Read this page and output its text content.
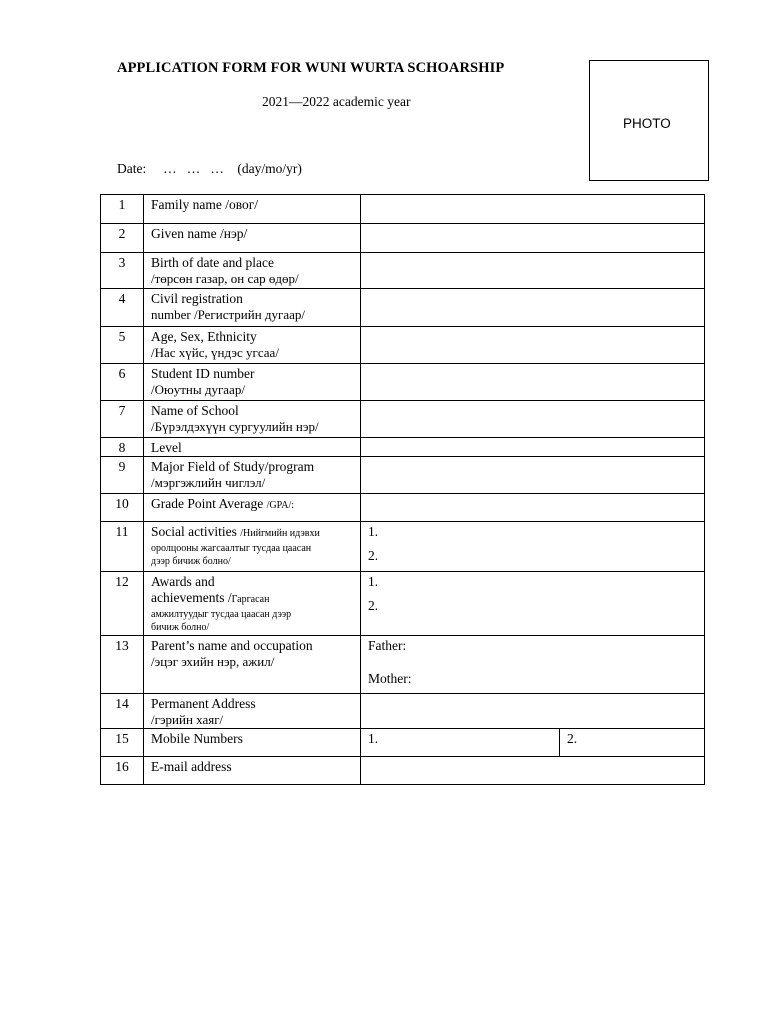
APPLICATION FORM FOR WUNI WURTA SCHOARSHIP
2021—2022 academic year
Date: …   …   … (day/mo/yr)
PHOTO
1	Family name /овог/		
2	Given name /нэр/		
3	Birth of date and place
/төрсөн газар, он сар өдөр/		

4	Civil registration
number /Регистрийн дугаар/		

5	Age, Sex, Ethnicity
/Нас хүйс, үндэс угсаа/		

6	Student ID number
/Оюутны дугаар/		

7	Name of School
/Бүрэлдэхүүн сургуулийн нэр/		

8	Level		
9	Major Field of Study/program
/мэргэжлийн чиглэл/		

10	Grade Point Average /GPA/:		
11	Social activities /Нийгмийн идэвхи
оролцооны жагсаалтыг тусдаа цаасан
дээр бичиж болно/	1.
2.	

12	Awards and
achievements /Гаргасан
амжилтуудыг тусдаа цаасан дээр
бичиж болно/	1.
2.	

13	Parent’s name and occupation
/эцэг эхийн нэр, ажил/	Father:
Mother:	

14	Permanent Address
/гэрийн хаяг/		

15	Mobile Numbers	1.	2.
16	E-mail address		
